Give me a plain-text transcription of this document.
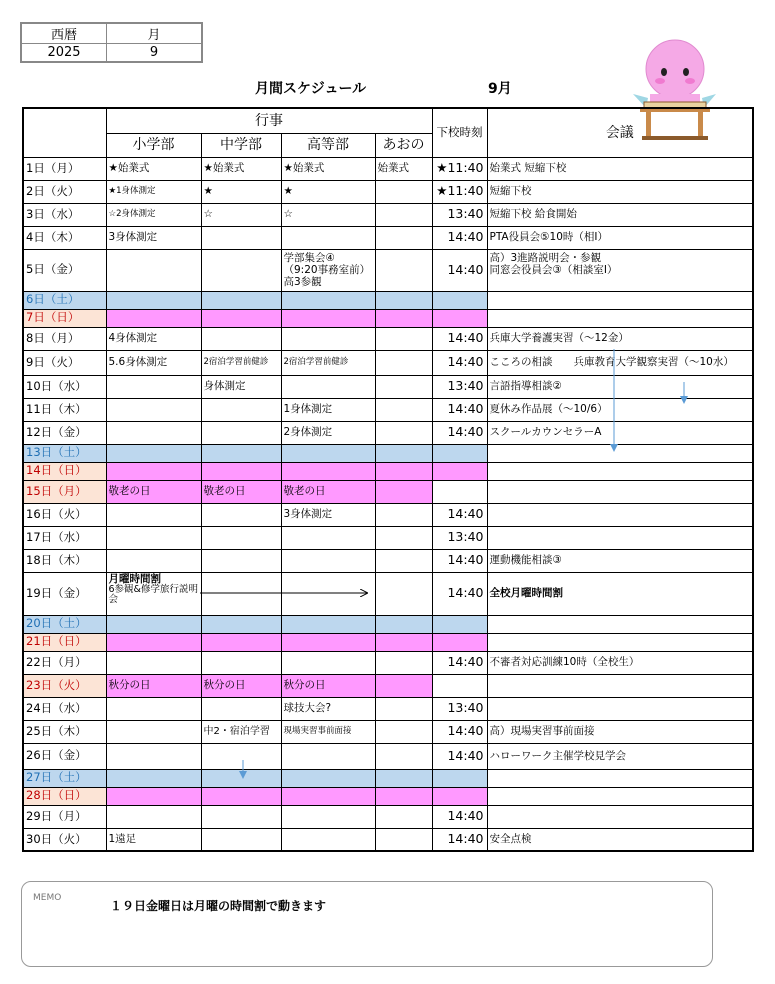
西暦	月
2025	9
月間スケジュール	9月
	行事				下校時刻	会議
	小学部	中学部	高等部	あおの		
1日（月）	★始業式	★始業式	★始業式	始業式	★11:40	始業式 短縮下校
2日（火）	★1身体測定	★	★		★11:40	短縮下校
3日（水）	☆2身体測定	☆	☆		13:40	短縮下校 給食開始
4日（木）	3身体測定				14:40	PTA役員会⑤10時（相Ⅰ）
5日（金）			学部集会④
（9:20事務室前）
高3参観		14:40	高）3進路説明会・参観
同窓会役員会③（相談室Ⅰ）
6日（土）						
7日（日）						
8日（月）	4身体測定				14:40	兵庫大学養護実習（～12金）
9日（火）	5.6身体測定	2宿泊学習前健診	2宿泊学習前健診		14:40	こころの相談　　兵庫教育大学観察実習（～10水）
10日（水）		身体測定			13:40	言語指導相談②
11日（木）			1身体測定		14:40	夏休み作品展（～10/6）
12日（金）			2身体測定		14:40	スクールカウンセラーA
13日（土）						
14日（日）						
15日（月）	敬老の日	敬老の日	敬老の日			
16日（火）			3身体測定		14:40	
17日（水）					13:40	
18日（木）					14:40	運動機能相談③
19日（金）	月曜時間割
6参観&修学旅行説明会				14:40	全校月曜時間割
20日（土）						
21日（日）						
22日（月）					14:40	不審者対応訓練10時（全校生）
23日（火）	秋分の日	秋分の日	秋分の日			
24日（水）			球技大会?		13:40	
25日（木）		中2・宿泊学習	現場実習事前面接		14:40	高）現場実習事前面接
26日（金）					14:40	ハローワーク主催学校見学会
27日（土）						
28日（日）						
29日（月）					14:40	
30日（火）	1遠足				14:40	安全点検
MEMO
１９日金曜日は月曜の時間割で動きます
